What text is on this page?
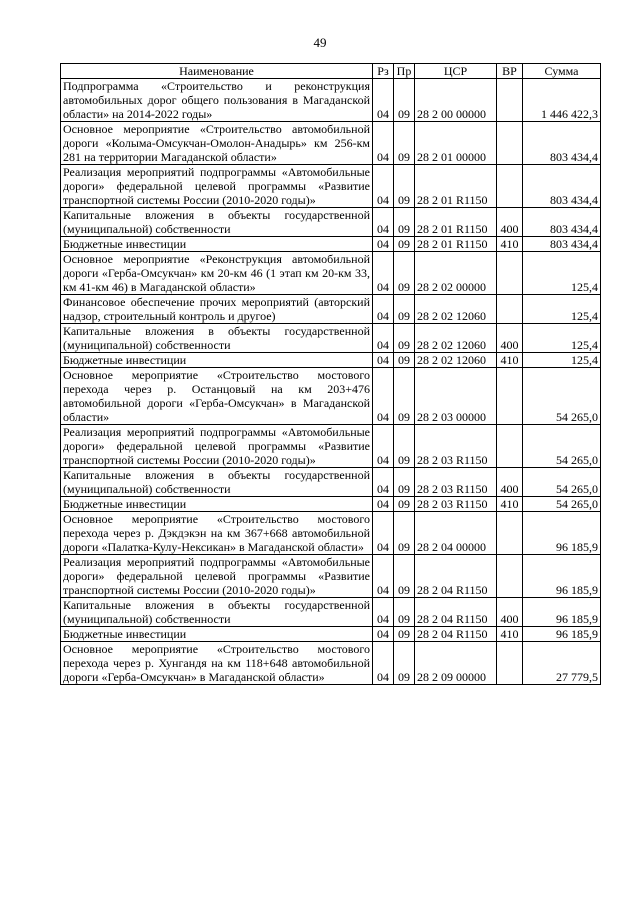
49
Наименование	Рз	Пр	ЦСР	ВР	Сумма
Подпрограмма «Строительство и реконструкция автомобильных дорог общего пользования в Магаданской области» на 2014-2022 годы»	04	09	28 2 00 00000		1 446 422,3
Основное мероприятие «Строительство автомобильной дороги «Колыма-Омсукчан-Омолон-Анадырь» км 256-км 281 на территории Магаданской области»	04	09	28 2 01 00000		803 434,4
Реализация мероприятий подпрограммы «Автомобильные дороги» федеральной целевой программы «Развитие транспортной системы России (2010-2020 годы)»	04	09	28 2 01 R1150		803 434,4
Капитальные вложения в объекты государственной (муниципальной) собственности	04	09	28 2 01 R1150	400	803 434,4
Бюджетные инвестиции	04	09	28 2 01 R1150	410	803 434,4
Основное мероприятие «Реконструкция автомобильной дороги «Герба-Омсукчан» км 20-км 46 (1 этап км 20-км 33, км 41-км 46) в Магаданской области»	04	09	28 2 02 00000		125,4
Финансовое обеспечение прочих мероприятий (авторский надзор, строительный контроль и другое)	04	09	28 2 02 12060		125,4
Капитальные вложения в объекты государственной (муниципальной) собственности	04	09	28 2 02 12060	400	125,4
Бюджетные инвестиции	04	09	28 2 02 12060	410	125,4
Основное мероприятие «Строительство мостового перехода через р. Останцовый на км 203+476 автомобильной дороги «Герба-Омсукчан» в Магаданской области»	04	09	28 2 03 00000		54 265,0
Реализация мероприятий подпрограммы «Автомобильные дороги» федеральной целевой программы «Развитие транспортной системы России (2010-2020 годы)»	04	09	28 2 03 R1150		54 265,0
Капитальные вложения в объекты государственной (муниципальной) собственности	04	09	28 2 03 R1150	400	54 265,0
Бюджетные инвестиции	04	09	28 2 03 R1150	410	54 265,0
Основное мероприятие «Строительство мостового перехода через р. Дэкдэкэн на км 367+668 автомобильной дороги «Палатка-Кулу-Нексикан» в Магаданской области»	04	09	28 2 04 00000		96 185,9
Реализация мероприятий подпрограммы «Автомобильные дороги» федеральной целевой программы «Развитие транспортной системы России (2010-2020 годы)»	04	09	28 2 04 R1150		96 185,9
Капитальные вложения в объекты государственной (муниципальной) собственности	04	09	28 2 04 R1150	400	96 185,9
Бюджетные инвестиции	04	09	28 2 04 R1150	410	96 185,9
Основное мероприятие «Строительство мостового перехода через р. Хунгандя на км 118+648 автомобильной дороги «Герба-Омсукчан» в Магаданской области»	04	09	28 2 09 00000		27 779,5
